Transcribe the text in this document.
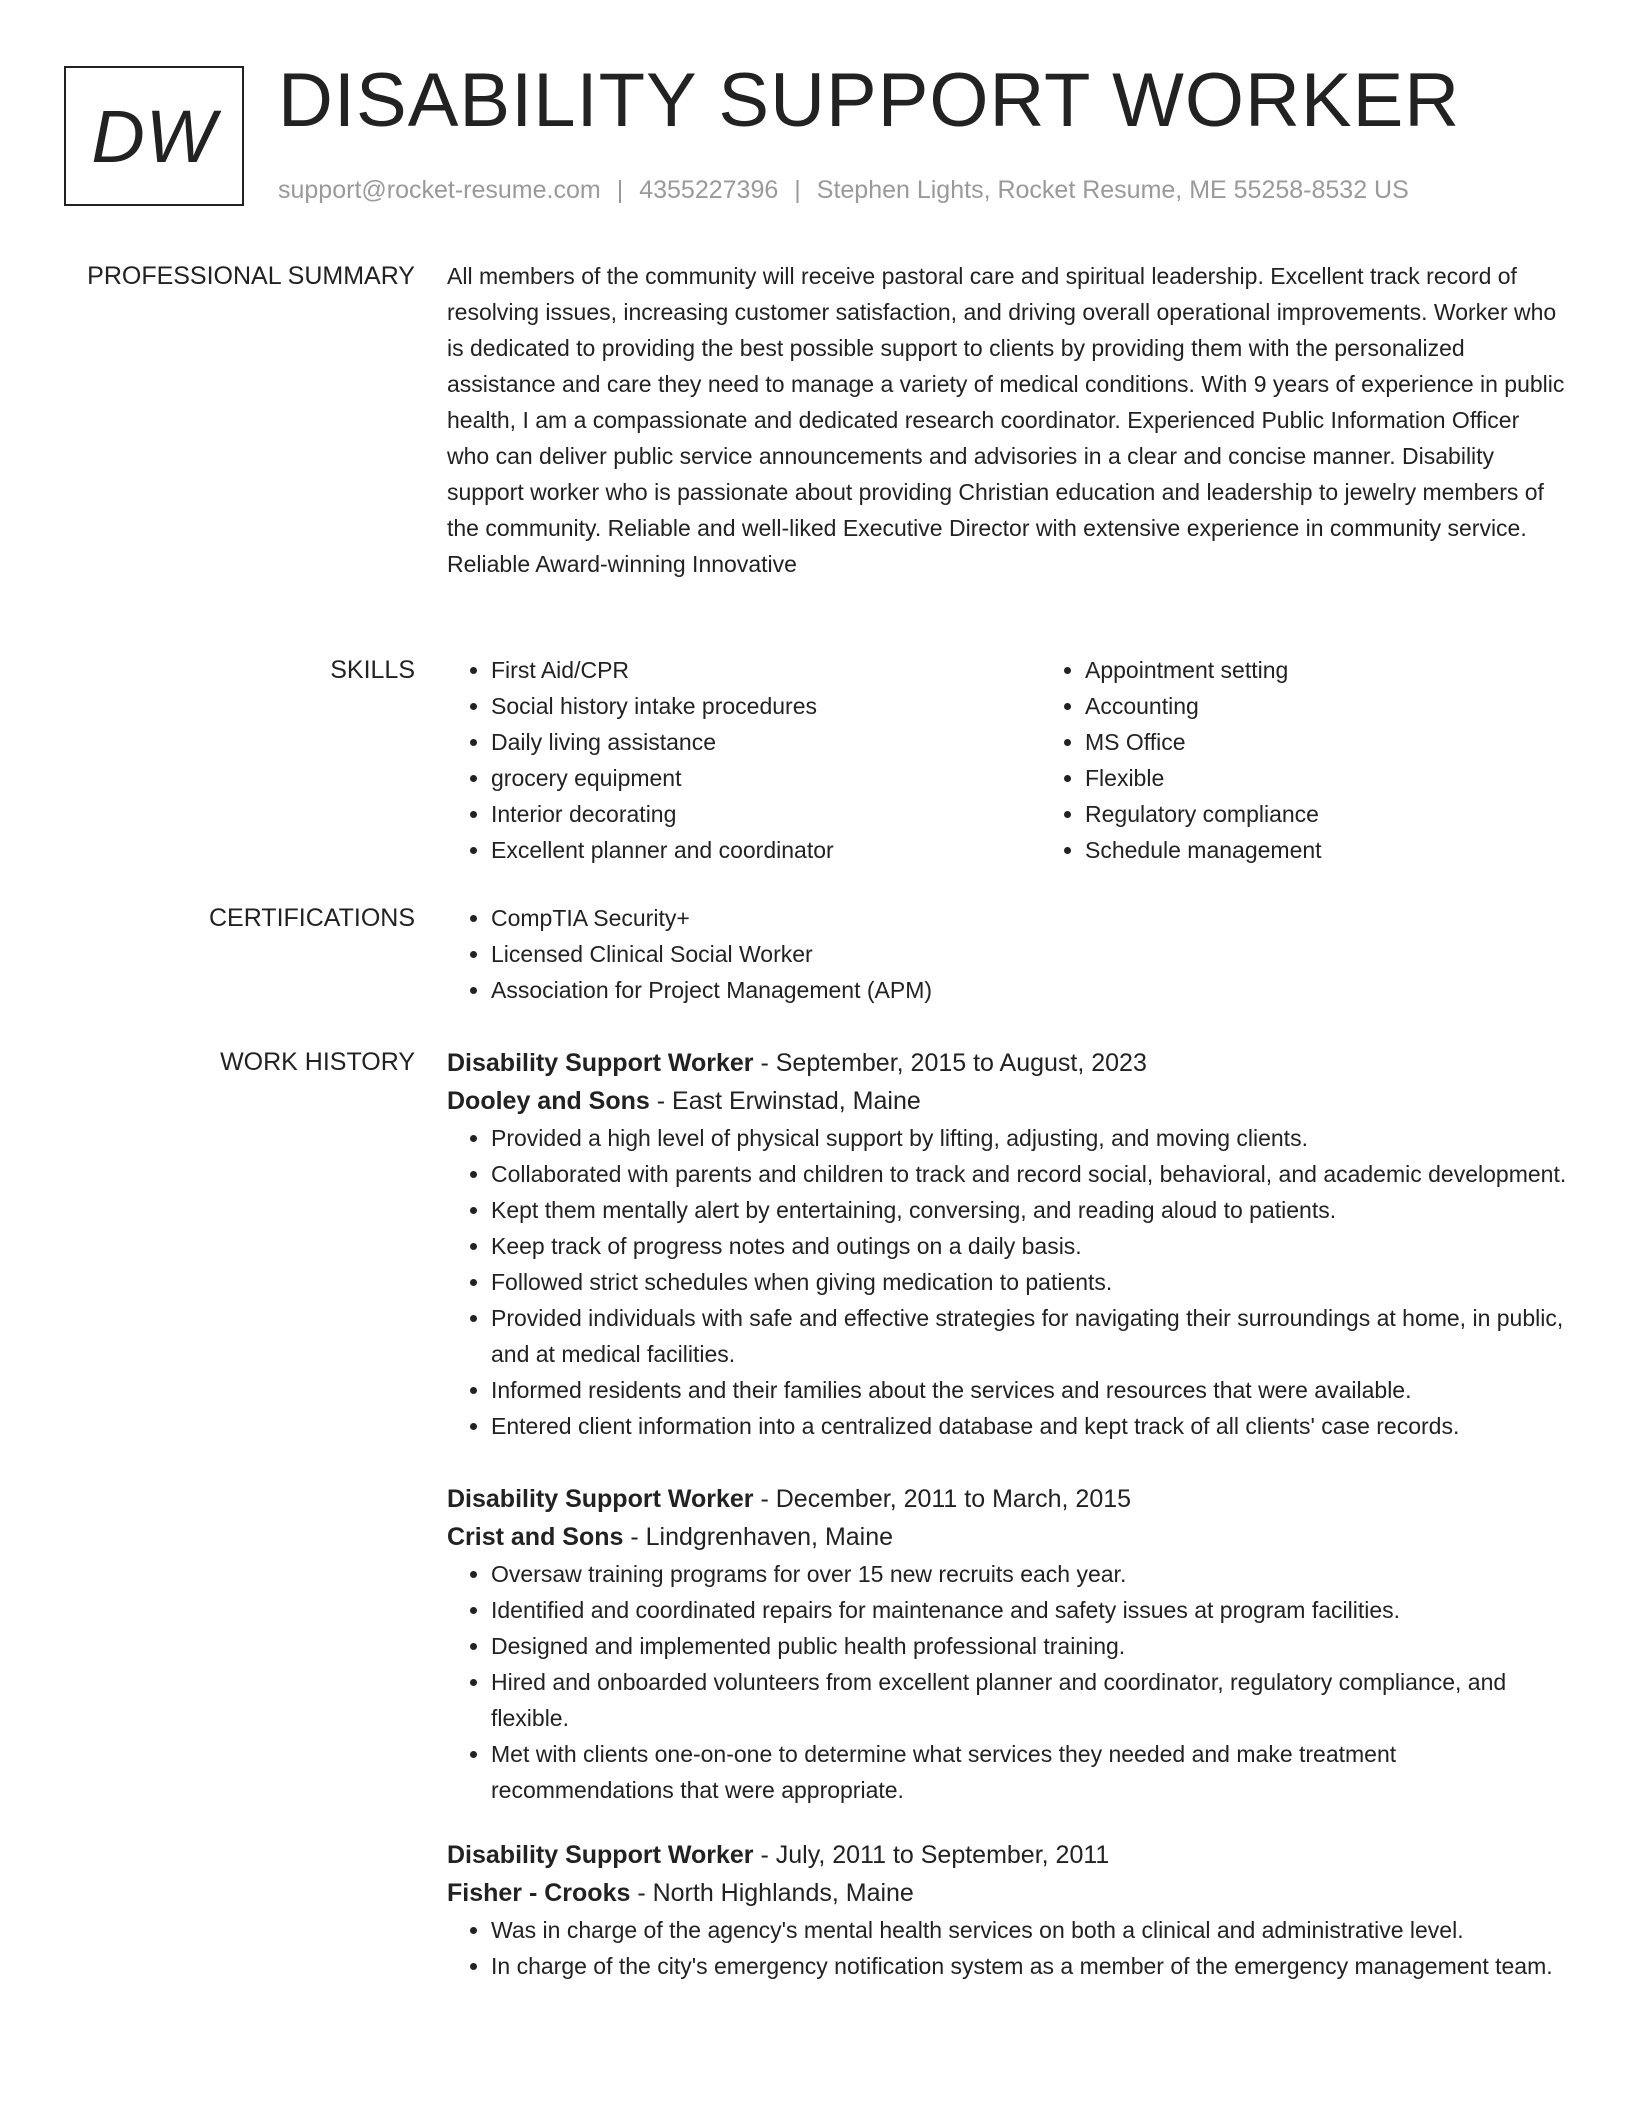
DW DISABILITY SUPPORT WORKER
support@rocket-resume.com | 4355227396 | Stephen Lights, Rocket Resume, ME 55258-8532 US
PROFESSIONAL SUMMARY All members of the community will receive pastoral care and spiritual leadership. Excellent track record of resolving issues, increasing customer satisfaction, and driving overall operational improvements. Worker who is dedicated to providing the best possible support to clients by providing them with the personalized assistance and care they need to manage a variety of medical conditions. With 9 years of experience in public health, I am a compassionate and dedicated research coordinator. Experienced Public Information Officer who can deliver public service announcements and advisories in a clear and concise manner. Disability support worker who is passionate about providing Christian education and leadership to jewelry members of the community. Reliable and well-liked Executive Director with extensive experience in community service. Reliable Award-winning Innovative

SKILLS	• First Aid/CPR
• Social history intake procedures
• Daily living assistance
• grocery equipment
• Interior decorating
• Excellent planner and coordinator
• Appointment setting
• Accounting
• MS Office
• Flexible
• Regulatory compliance
• Schedule management
CERTIFICATIONS	• CompTIA Security+
• Licensed Clinical Social Worker
• Association for Project Management (APM)
WORK HISTORY Disability Support Worker - September, 2015 to August, 2023
Dooley and Sons - East Erwinstad, Maine
• Provided a high level of physical support by lifting, adjusting, and moving clients.
• Collaborated with parents and children to track and record social, behavioral, and academic development.
• Kept them mentally alert by entertaining, conversing, and reading aloud to patients.
• Keep track of progress notes and outings on a daily basis.
• Followed strict schedules when giving medication to patients.
• Provided individuals with safe and effective strategies for navigating their surroundings at home, in public, and at medical facilities.
• Informed residents and their families about the services and resources that were available.
• Entered client information into a centralized database and kept track of all clients' case records.
Disability Support Worker - December, 2011 to March, 2015
Crist and Sons - Lindgrenhaven, Maine
• Oversaw training programs for over 15 new recruits each year.
• Identified and coordinated repairs for maintenance and safety issues at program facilities.
• Designed and implemented public health professional training.
• Hired and onboarded volunteers from excellent planner and coordinator, regulatory compliance, and flexible.
• Met with clients one-on-one to determine what services they needed and make treatment recommendations that were appropriate.
Disability Support Worker - July, 2011 to September, 2011
Fisher - Crooks - North Highlands, Maine
• Was in charge of the agency's mental health services on both a clinical and administrative level.
• In charge of the city's emergency notification system as a member of the emergency management team.
